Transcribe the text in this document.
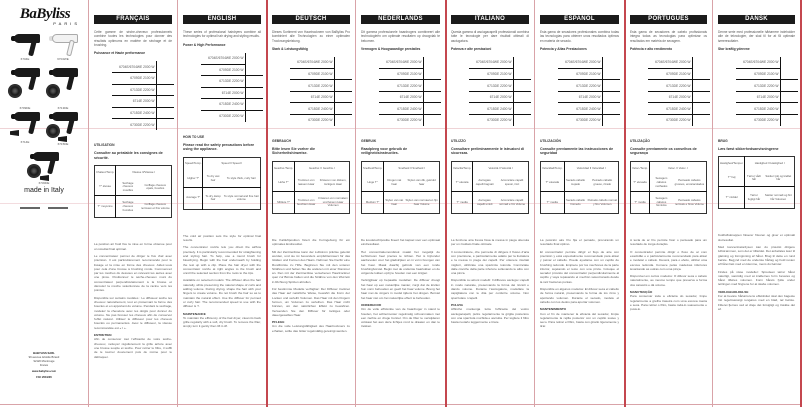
BaByliss
PARIS
6704E	6704WE
6709DE	6713DE
6714E	6715DE
6730DE
made in Italy
BABYLISS SARL
99 avenue Aristide Briand
92120 Montrouge
France
www.babyliss.com
F4C 2019/06
FRANÇAIS
Cette gamme de sèche-cheveux professionnels combine toutes les technologies pour donner des résultats optimums en matière de séchage et de brushing.
Puissance et Haute performance
6704E/6704WE 2000 W	
6709DE 2100 W	
6713DE 2200 W	
6714E 2000 W	
6715DE 2400 W	
6730DE 2200 W	
UTILISATION
Consulter au préalable les consignes de sécurité.
Chaleur/Temp.	Vitesse II/Vitesse I	
T° élevée	Séchage cheveux mouillés	Coiffage cheveux épais, bouclés
T° moyenne	Séchage cheveux humides	Coiffage cheveux normaux et fins volume

La position air froid fixe la mise en forme obtenue pour un résultat final optimal.

Le concentrateur permet de diriger le flux d'air avec précision. Il est particulièrement recommandé pour le lissage et la mise en forme des cheveux. Aidez-vous pour cela d'une brosse à brushing ronde. Commencez par les mèches du dessous en relevant les autres avec une pince. Positionnez le sèche-cheveux muni du concentrateur perpendiculairement à la brosse et déroulez la mèche sélectionnée de la racine vers les pointes.

Disponible sur certains modèles : Le diffuseur sèche les cheveux naturellement, tout en préservant la forme des boucles et en apportant du volume. Pendant le séchage, modelez la chevelure avec les doigts pour donner du volume. Ne pas brosser les cheveux afin de conserver l'effet naturel. Utilisez le diffuseur pour les cheveux bouclés ou permanentés. Avec le diffuseur, la vitesse recommandée est « I ».

ENTRETIEN

Afin de conserver tout l'efficacité de votre sèche-cheveux, nettoyez régulièrement la grille arrière avec une brosse souple et sèche. Pour retirer le filtre, il suffit de le tourner doucement puis de même pour le débloquer.

ENGLISH
These series of professional hairdryers combine all technologies for optimal hair drying and styling results.
Power & High Performance
6704E/6704WE 2000 W	
6709DE 2100 W	
6713DE 2200 W	
6714E 2000 W	
6715DE 2400 W	
6730DE 2200 W	
HOW TO USE
Please read the safety precautions before using the appliance.
Speed/Temp.	Speed II Speed I	
Higher T°	To dry wet hair	To style thick, curly hair
Average T°	To dry damp hair	To style normal and fine hair volume

The cold air position sets the style for optimal final results.

The concentrator nozzle lets you direct the airflow precisely. It is particularly recommended for straightening and styling hair. To help, use a round brush for blowdrying. Begin with the hair underneath by holding the rest up with a clip. Place the hair dryer with the concentrator nozzle at right angles to the brush and unroll the selected section from the roots to the tips.

Available on selected models: The diffuser dries the hair naturally, while preserving the natural shape of curls and adding volume. During drying, shape the hair with your fingers to create volume. Do not brush the hair so as to maintain the natural effect. Use the diffuser for permed or curly hair. The recommended speed to use with the diffuser is 'I'.

MAINTENANCE

To maintain the efficiency of the hair dryer, clean its back grille regularly with a soft, dry brush. To remove the filter, simply turn it gently then lift it off.

DEUTSCH
Dieses Sortiment von Haartrocknern von BaByliss Pro kombiniert alle Technologien zu einer optimalen Trocknungsleistung.
Stark & Leistungsfähig
6704E/6704WE 2000 W	
6709DE 2100 W	
6713DE 2200 W	
6714E 2000 W	
6715DE 2400 W	
6730DE 2200 W	
GEBRAUCH
Bitte lesen Sie vorher die Sicherheitshinweise.
Geschw./Temp.	Geschw. II Geschw. I	
Hohe T°	Trocknen von nassem Haar	Frisieren von dickem, lockigem Haar
Mittlere T°	Trocknen von feuchtem Haar	Frisieren von normalem und feinem Haar Volumen

Die Kaltluftposition fixiert die Formgebung für ein optimales Endresultat.

Mit der Zentrierdüse kann der Luftstrom präzise gelenkt werden, und sie ist besonders empfehlenswert für das Glätten und Formen des Haars. Nehmen Sie hierfür eine Rundbürste zu Hilfe. Beginnen Sie mit den unteren Strähnen und heben Sie die anderen mit einer Klammer an. Den mit der Zentrierdüse versehenen Haartrockner quer zur Bürste halten und die Strähne von den Wurzeln in Richtung Spitzen abrollen.

Für bestimmte Modelle verfügbar: Der Diffuser trocknet das Haar auf natürliche Weise, bewahrt die Form der Locken und verleiht Volumen. Das Haar mit den Fingern formen, um Volumen zu verleihen. Das Haar nicht bürsten, um den natürlichen Effekt zu bewahren. Verwenden Sie den Diffuser für lockiges oder dauergewelltes Haar.

PFLEGE

Um die volle Leistungsfähigkeit des Haartrockners zu erhalten, sollte das Gitter regelmäßig gereinigt werden.

NEDERLANDS
Dit gamma professionele haardrogers combineert alle technologieën om optimale resultaten op droogvlak te bekomen.
Vermogen & Hoogwaardige prestaties
6704E/6704WE 2000 W	
6709DE 2100 W	
6713DE 2200 W	
6714E 2000 W	
6715DE 2400 W	
6730DE 2200 W	
GEBRUIK
Raadpleeg voor gebruik de veiligheidsinstructies.
Snelheid/Temp.	Snelheid II Snelheid I	
Hoge T°	Drogen nat haar	Stylen van dik, gekruld haar
Medium T°	Stylen van nat haar	Stylen van normaal en fijn haar Volume

De koudeluchtpositie fixeert het kapsel voor een optimaal eindresultaat.

Het concentratiemondstuk maakt het mogelijk de luchtstroom heel precies te richten. Het is bijzonder aanbevolen voor het gladstrijken en in vorm brengen van het haar. Maak daarbij gebruik van een ronde brushingborstel. Begin met de onderste haarlokken en de volgende lokken opzij te houden met een knijper.

Verkrijgbaar op bepaalde modellen: De diffuser droogt het haar op een natuurlijke manier, zorgt dat de krullen hun vorm behouden en geeft het haar volume. Breng het haar met de vingers in model tijdens het drogen. Borstel het haar niet om het natuurlijke effect te behouden.

ONDERHOUD

Om de volle efficiëntie van de haardroger in stand te houden, het achterrooster regelmatig schoonmaken met een zachte en droge borstel. Om de filter te verwijderen volstaat het aan deze lichtjes rond te draaien en dan te trekken.

ITALIANO
Questa gamma di asciugacapelli professionali combina tutte le tecnologie per dare risultati ottimali di asciugatura.
Potenza e alte prestazioni
6704E/6704WE 2000 W	
6709DE 2100 W	
6713DE 2200 W	
6714E 2000 W	
6715DE 2400 W	
6730DE 2200 W	
UTILIZZO
Consultare preliminarmente le istruzioni di sicurezza.
Velocità/Temp.	Velocità II Velocità I	
T° elevata	Asciugare capelli bagnati	Acconciare capelli spessi, ricci
T° media	Asciugare capelli umidi	Acconciare capelli normali e fini Volume

La funzione aria fresca fissa la messa in piega ottenuta per un risultato finale ottimale.

Il concentratore, che permette di dirigere il flusso d'aria con precisione, è particolarmente adatto per la lisciatura e la messa in piega dei capelli. Per ottenere risultati migliori, utilizzate una spazzola rotonda. Cominciate dalle ciocche della parte inferiore sollevando le altre con una pinza.

Disponibile su alcuni modelli: Il diffusore asciuga i capelli in modo naturale, preservando la forma dei riccioli e dando volume. Durante l'asciugatura, modellare la capigliatura con le dita per conferire volume. Non spazzolare i capelli.

PULIZIA

Affinché mantenga tutta l'efficacia del vostro asciugacapelli, pulire regolarmente la griglia posteriore con una spazzola morbida e asciutta. Per togliere il filtro basta ruotarlo leggermente e tirare.

ESPAÑOL
Esta gama de secadores profesionales combina todas las tecnologías para obtener unos resultados óptimos en materia de secado.
Potencia y Altas Prestaciones
6704E/6704WE 2000 W	
6709DE 2100 W	
6713DE 2200 W	
6714E 2000 W	
6715DE 2400 W	
6730DE 2200 W	
UTILIZACIÓN
Consulte previamente las instrucciones de seguridad
Velocidad/Temp.	Velocidad II Velocidad I	
T° elevada	Secado cabello mojado	Peinado cabello grueso, rizado
T° media	Secado cabello húmedo	Peinado cabello normal y fino Volumen

La posición aire frío fija el peinado, procurando un resultado final óptimo.

El concentrador permite dirigir el flujo de aire con precisión y está especialmente recomendado para alisar y peinar el cabello. Puede ayudarse con un cepillo de brushing redondo. Empiece por los mechones de la parte inferior, sujetando el resto con una pinza. Coloque el secador provisto del concentrador perpendicularmente al cepillo y vaya repasando el mechón seleccionado desde la raíz hacia las puntas.

Disponible en algunos modelos: El difusor seca el cabello de forma natural, preservando la forma de los rizos y aportando volumen. Durante el secado, modele el cabello con los dedos para aportar volumen.

MANTENIMIENTO

Con el fin de mantener la eficacia del secador, limpie regularmente la rejilla posterior con un cepillo suave y seco. Para retirar el filtro, basta con girarlo ligeramente y tirar.

PORTUGUÊS
Esta gama de secadores de cabelo profissionais integra todas as tecnologias para optimizar os resultados em matéria de secagem.
Potência e alto rendimento
6704E/6704WE 2000 W	
6709DE 2100 W	
6713DE 2200 W	
6714E 2000 W	
6715DE 2400 W	
6730DE 2200 W	
UTILIZAÇÃO
Consulte previamente os conselhos de segurança
Veloc./Temp.	Veloc. II Veloc. I	
T° elevada	Secagem cabelos molhados	Penteado cabelos grossos, encaracolados
T° média	Secagem cabelos húmidos	Penteado cabelos normais e finos Volume

A tecla de ar frio permite fixar o penteado para um resultado de longa duração.

O concentrador permite dirigir o fluxo de ar com exactidão e é particularmente recomendado para alisar e modelar o cabelo. Deverá, para o efeito, utilizar uma escova redonda. Comece pelas madeixas inferiores levantando as outras com uma pinça.

Disponível em certos modelos: O difusor seca o cabelo naturalmente, ao mesmo tempo que preserva a forma dos caracóis e dá volume.

MANUTENÇÃO

Para conservar toda a eficácia do secador, limpe regularmente a grelha traseira com uma escova macia e seca. Para retirar o filtro, basta rodá-lo suavemente e puxá-lo.

DANSK
Denne serie med professionelle hårtørrere indeholder alle de teknologier, der skal til for at få optimale tørreresultater.
Stor kraftig ydeevne
6704E/6704WE 2000 W	
6709DE 2100 W	
6713DE 2200 W	
6714E 2000 W	
6715DE 2400 W	
6730DE 2200 W	
BRUG
Læs først sikkerhedsanvisningerne
Hastighed/Temper.	Hastighed II Hastighed I	
T° høj	Tørrer vådt hår	Sætter tykt og krøllet hår
T° middel	Tørrer fugtigt hår	Sætter normalt og fint hår Volumen

Koldluftsknappen fikserer frisuren og giver et optimalt slutresultat.

Med koncentratordysen kan du præcist dirigere luftstrømmen, som det er tilfældet. Det anbefales især til glatning og formgivning af håret. Brug til dette en rund børste. Begynd med de underste hårlag og hold resten af håret fast med en klemme, mens du børster.

Findes på visse modeller: Spredeen tørrer håret naturligt, samtidig med at krøllernes form bevares og håret tilføres volumen. Form hårets fylde under tørringen med fingrene for at skabe volumen.

VEDLIGEHOLDELSE

For at bevare hårtørrerens effektivitet skal den bageste rist regelmæssigt rengøres med en blød, tør børste. Filteret fjernes ved at dreje det forsigtigt og trække det af.
